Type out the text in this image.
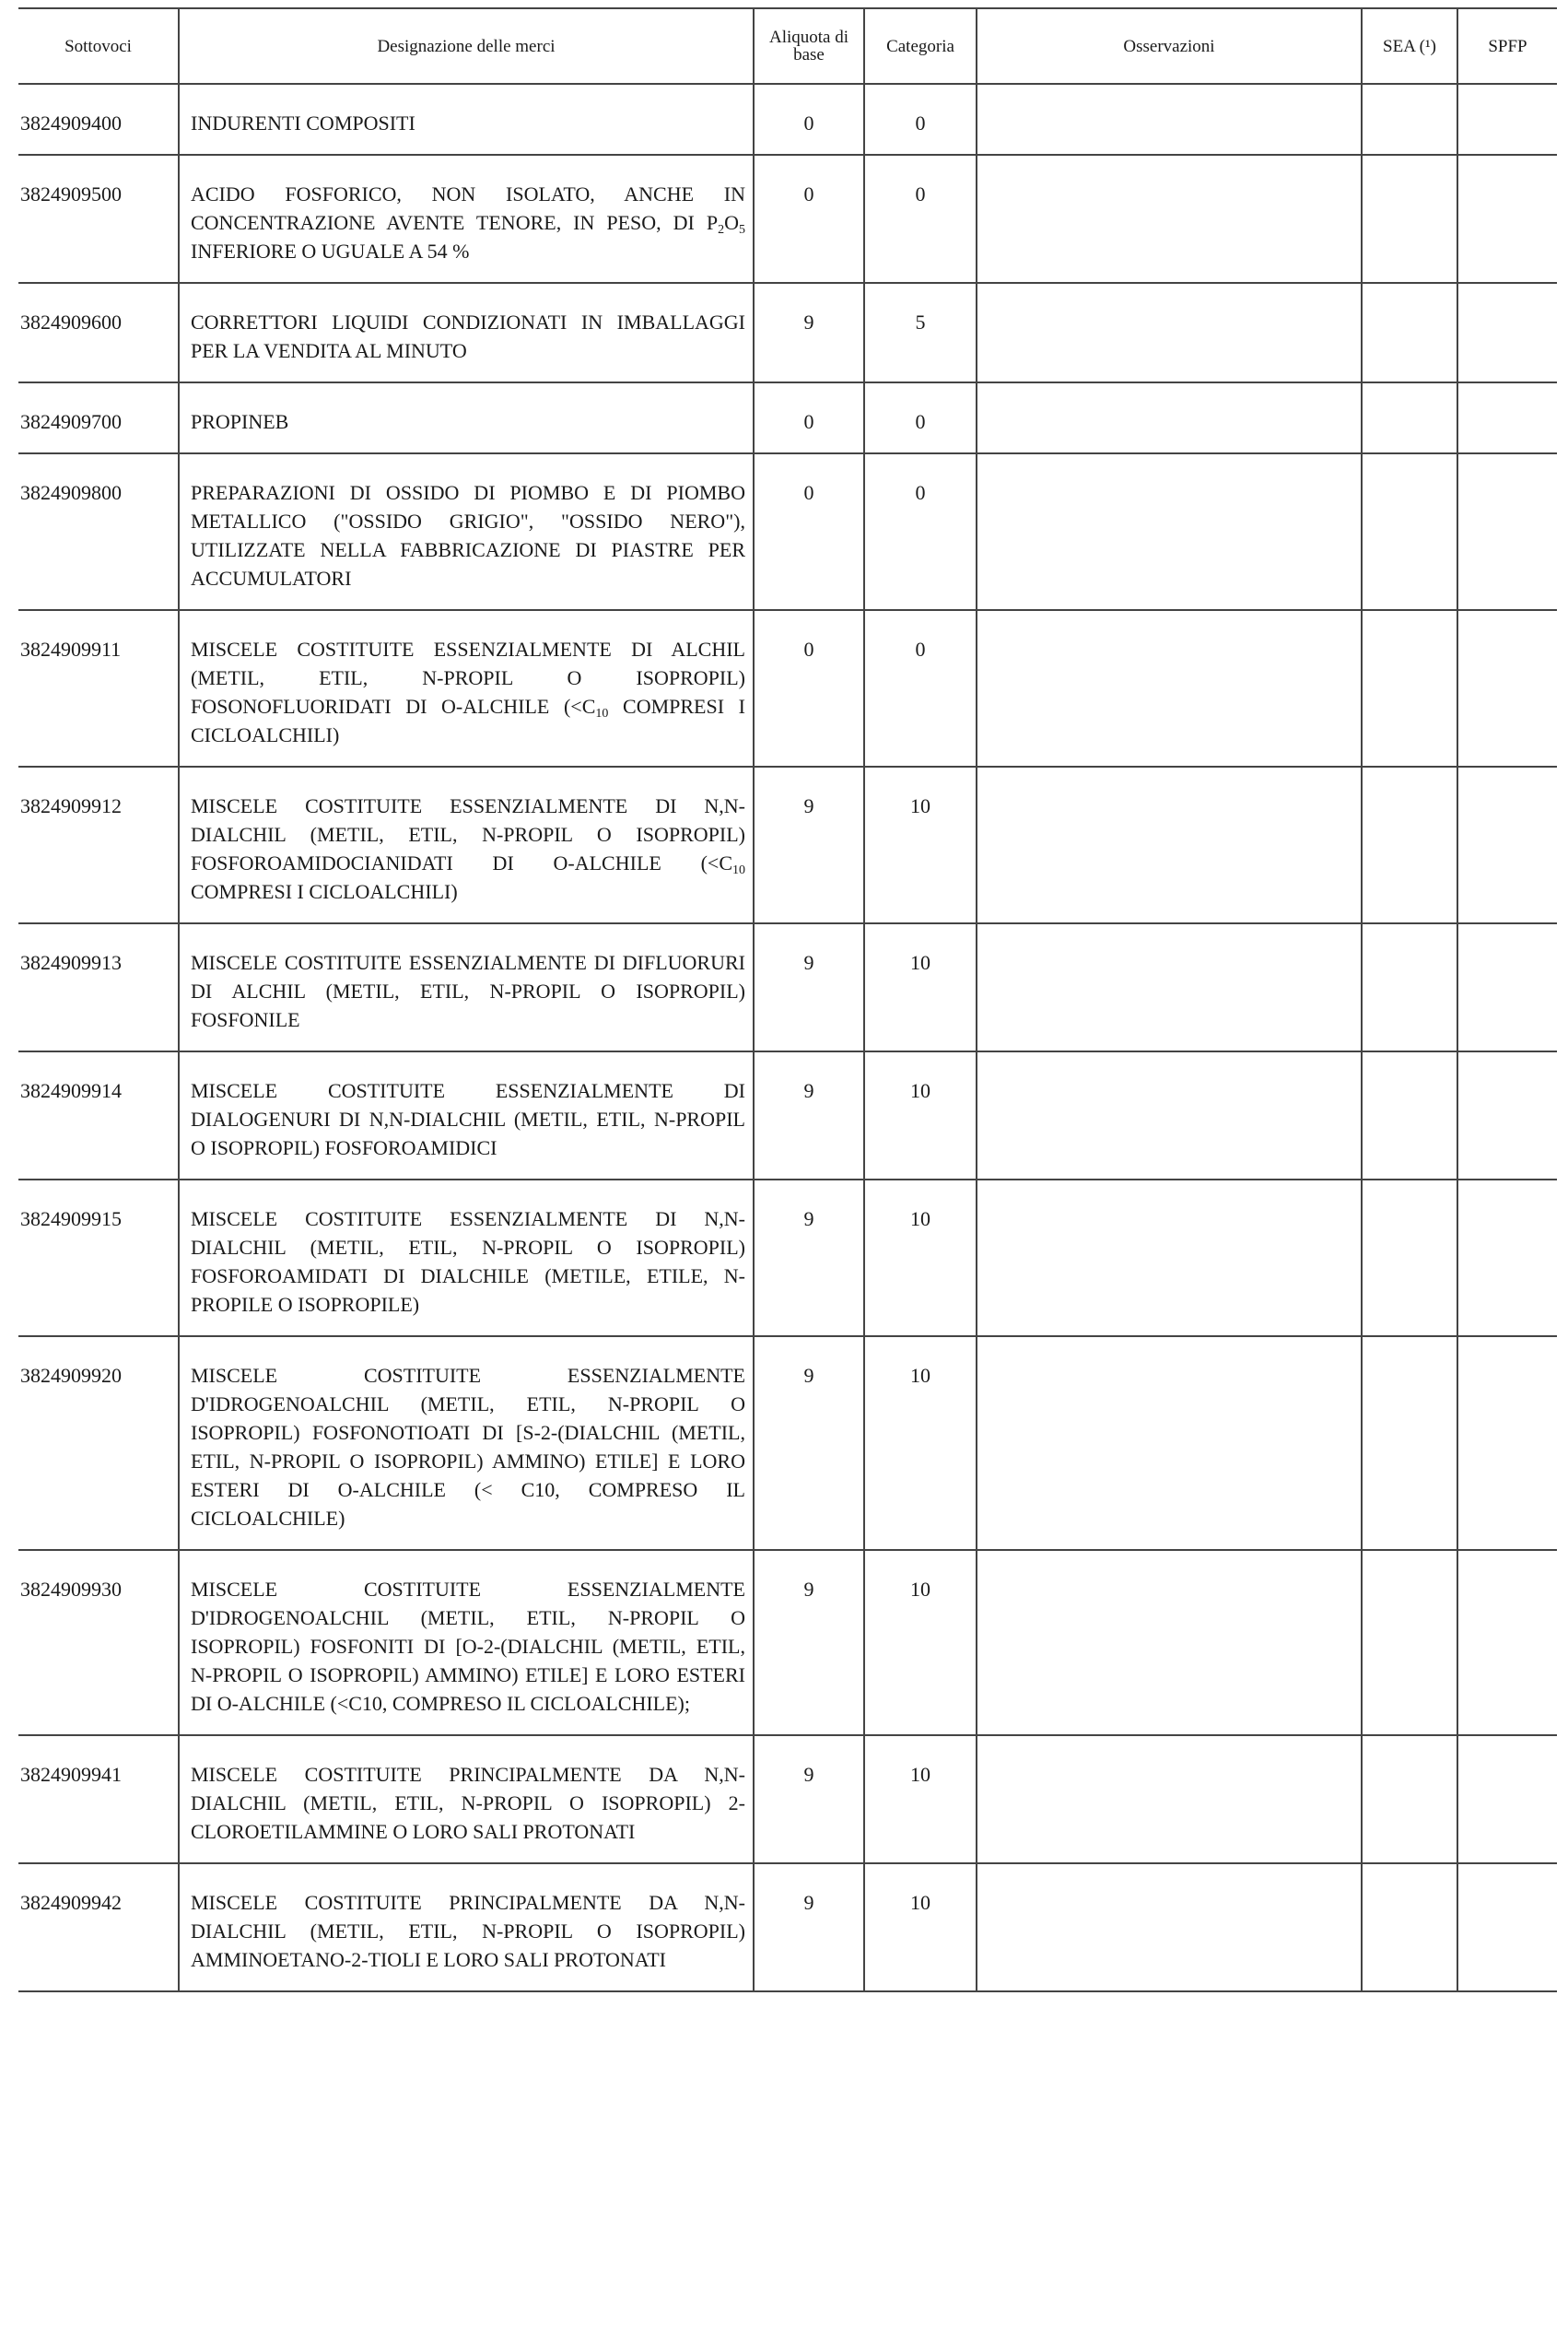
Sottovoci	Designazione delle merci	Aliquota di base	Categoria	Osservazioni	SEA (¹)	SPFP
3824909400	INDURENTI COMPOSITI	0	0			
3824909500	ACIDO FOSFORICO, NON ISOLATO, ANCHE IN CONCENTRAZIONE AVENTE TENORE, IN PESO, DI $P_2O_5$ INFERIORE O UGUALE A 54 %	0	0			
3824909600	CORRETTORI LIQUIDI CONDIZIONATI IN IMBALLAGGI PER LA VENDITA AL MINUTO	9	5			
3824909700	PROPINEB	0	0			
3824909800	PREPARAZIONI DI OSSIDO DI PIOMBO E DI PIOMBO METALLICO ("OSSIDO GRIGIO", "OSSIDO NERO"), UTILIZZATE NELLA FABBRICAZIONE DI PIASTRE PER ACCUMULATORI	0	0			
3824909911	MISCELE COSTITUITE ESSENZIALMENTE DI ALCHIL (METIL, ETIL, N-PROPIL O ISOPROPIL) FOSONOFLUORIDATI DI O-ALCHILE ($<C_{10}$ COMPRESI I CICLOALCHILI)	0	0			
3824909912	MISCELE COSTITUITE ESSENZIALMENTE DI N,N-DIALCHIL (METIL, ETIL, N-PROPIL O ISOPROPIL) FOSFOROAMIDOCIANIDATI DI O-ALCHILE ($<C_{10}$ COMPRESI I CICLOALCHILI)	9	10			
3824909913	MISCELE COSTITUITE ESSENZIALMENTE DI DIFLUORURI DI ALCHIL (METIL, ETIL, N-PROPIL O ISOPROPIL) FOSFONILE	9	10			
3824909914	MISCELE COSTITUITE ESSENZIALMENTE DI DIALOGENURI DI N,N-DIALCHIL (METIL, ETIL, N-PROPIL O ISOPROPIL) FOSFOROAMIDICI	9	10			
3824909915	MISCELE COSTITUITE ESSENZIALMENTE DI N,N-DIALCHIL (METIL, ETIL, N-PROPIL O ISOPROPIL) FOSFOROAMIDATI DI DIALCHILE (METILE, ETILE, N-PROPILE O ISOPROPILE)	9	10			
3824909920	MISCELE COSTITUITE ESSENZIALMENTE D'IDROGENOALCHIL (METIL, ETIL, N-PROPIL O ISOPROPIL) FOSFONOTIOATI DI [S-2-(DIALCHIL (METIL, ETIL, N-PROPIL O ISOPROPIL) AMMINO) ETILE] E LORO ESTERI DI O-ALCHILE (< C10, COMPRESO IL CICLOALCHILE)	9	10			
3824909930	MISCELE COSTITUITE ESSENZIALMENTE D'IDROGENOALCHIL (METIL, ETIL, N-PROPIL O ISOPROPIL) FOSFONITI DI [O-2-(DIALCHIL (METIL, ETIL, N-PROPIL O ISOPROPIL) AMMINO) ETILE] E LORO ESTERI DI O-ALCHILE (<C10, COMPRESO IL CICLOALCHILE);	9	10			
3824909941	MISCELE COSTITUITE PRINCIPALMENTE DA N,N-DIALCHIL (METIL, ETIL, N-PROPIL O ISOPROPIL) 2-CLOROETILAMMINE O LORO SALI PROTONATI	9	10			
3824909942	MISCELE COSTITUITE PRINCIPALMENTE DA N,N-DIALCHIL (METIL, ETIL, N-PROPIL O ISOPROPIL) AMMINOETANO-2-TIOLI E LORO SALI PROTONATI	9	10			
